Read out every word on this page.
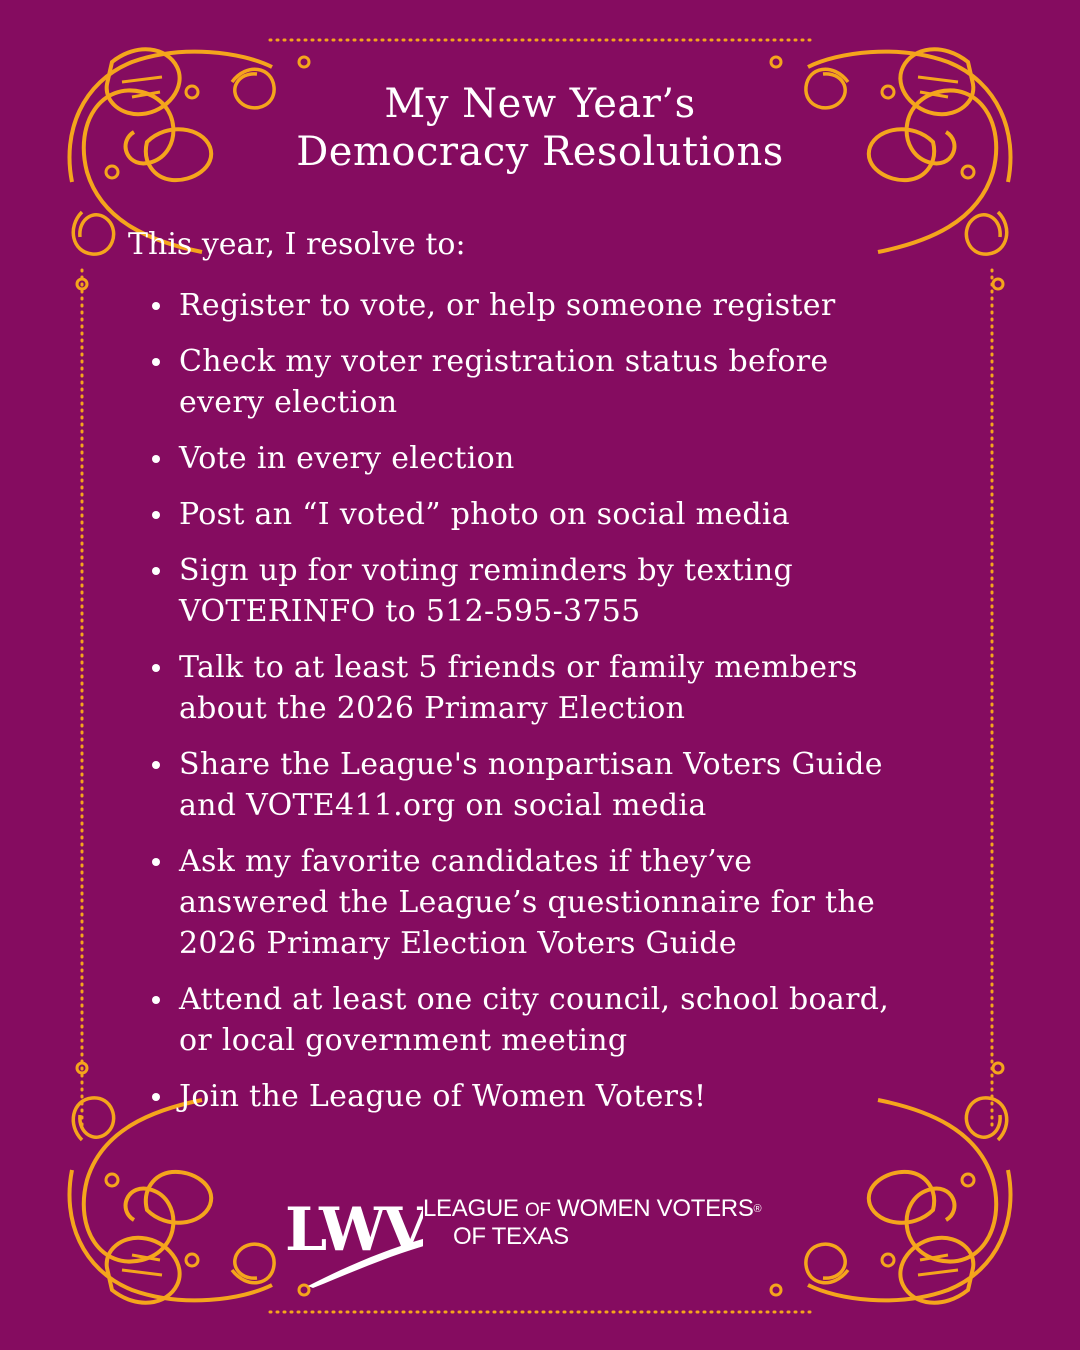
My New Year’s
Democracy Resolutions
This year, I resolve to:
Register to vote, or help someone register
Check my voter registration status before
every election
Vote in every election
Post an “I voted” photo on social media
Sign up for voting reminders by texting
VOTERINFO to 512-595-3755
Talk to at least 5 friends or family members
about the 2026 Primary Election
Share the League's nonpartisan Voters Guide
and VOTE411.org on social media
Ask my favorite candidates if they’ve
answered the League’s questionnaire for the
2026 Primary Election Voters Guide
Attend at least one city council, school board,
or local government meeting
Join the League of Women Voters!
LWV
LEAGUE OF WOMEN VOTERS®
OF TEXAS
